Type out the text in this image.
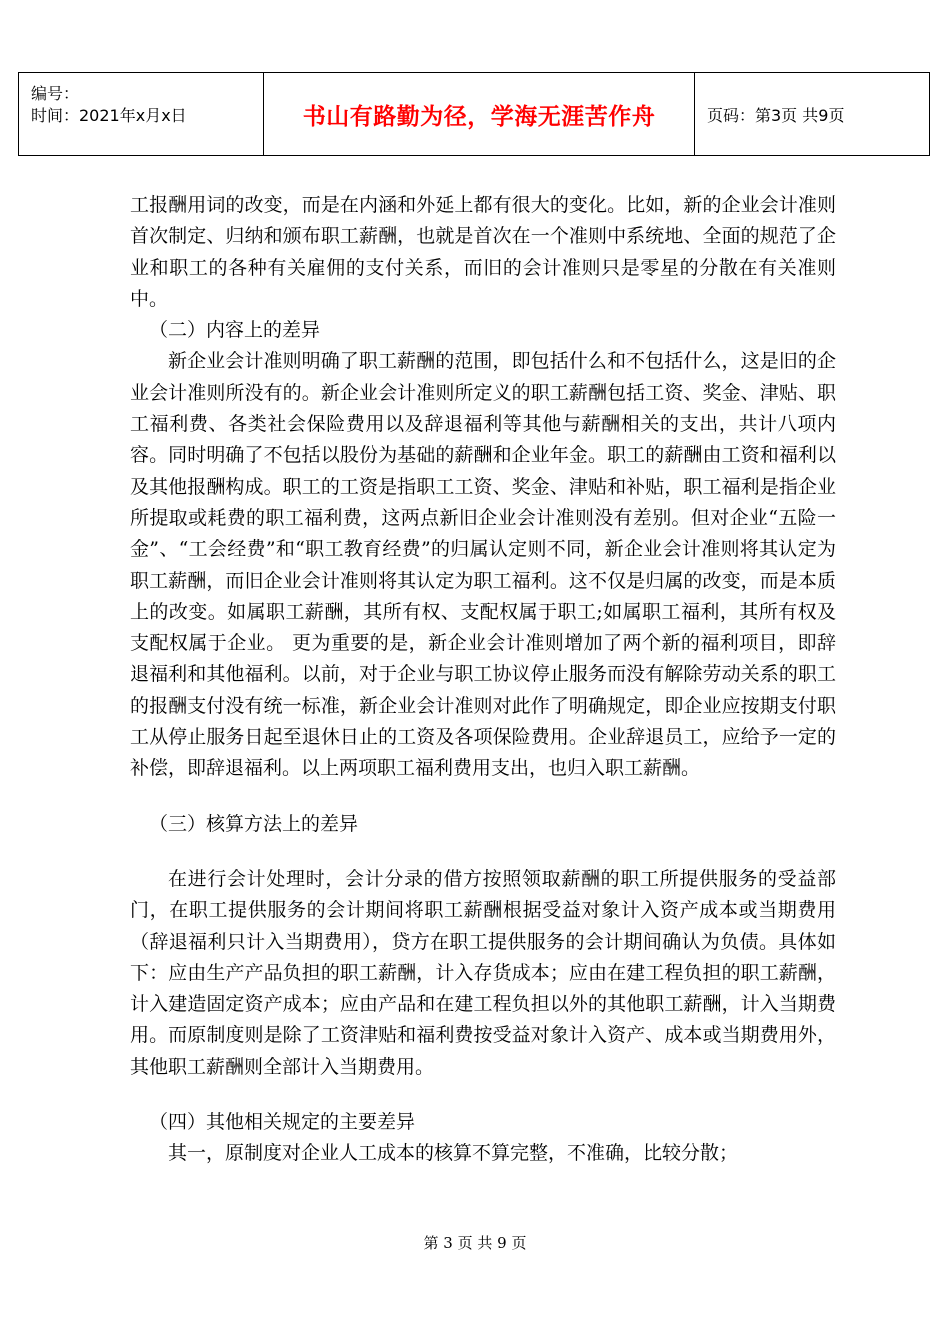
编号：
时间：2021年x月x日	书山有路勤为径，学海无涯苦作舟	页码：第3页 共9页

工报酬用词的改变，而是在内涵和外延上都有很大的变化。比如，新的企业会计准则首次制定、归纳和颁布职工薪酬，也就是首次在一个准则中系统地、全面的规范了企业和职工的各种有关雇佣的支付关系，而旧的会计准则只是零星的分散在有关准则中。

（二）内容上的差异

新企业会计准则明确了职工薪酬的范围，即包括什么和不包括什么，这是旧的企业会计准则所没有的。新企业会计准则所定义的职工薪酬包括工资、奖金、津贴、职工福利费、各类社会保险费用以及辞退福利等其他与薪酬相关的支出，共计八项内容。同时明确了不包括以股份为基础的薪酬和企业年金。职工的薪酬由工资和福利以及其他报酬构成。职工的工资是指职工工资、奖金、津贴和补贴，职工福利是指企业所提取或耗费的职工福利费，这两点新旧企业会计准则没有差别。但对企业“五险一金”、“工会经费”和“职工教育经费”的归属认定则不同，新企业会计准则将其认定为职工薪酬，而旧企业会计准则将其认定为职工福利。这不仅是归属的改变，而是本质上的改变。如属职工薪酬，其所有权、支配权属于职工;如属职工福利，其所有权及支配权属于企业。 更为重要的是，新企业会计准则增加了两个新的福利项目，即辞退福利和其他福利。以前，对于企业与职工协议停止服务而没有解除劳动关系的职工的报酬支付没有统一标准，新企业会计准则对此作了明确规定，即企业应按期支付职工从停止服务日起至退休日止的工资及各项保险费用。企业辞退员工，应给予一定的补偿，即辞退福利。以上两项职工福利费用支出，也归入职工薪酬。

（三）核算方法上的差异

在进行会计处理时，会计分录的借方按照领取薪酬的职工所提供服务的受益部门，在职工提供服务的会计期间将职工薪酬根据受益对象计入资产成本或当期费用（辞退福利只计入当期费用），贷方在职工提供服务的会计期间确认为负债。具体如下：应由生产产品负担的职工薪酬，计入存货成本；应由在建工程负担的职工薪酬，计入建造固定资产成本；应由产品和在建工程负担以外的其他职工薪酬，计入当期费用。而原制度则是除了工资津贴和福利费按受益对象计入资产、成本或当期费用外，其他职工薪酬则全部计入当期费用。

（四）其他相关规定的主要差异

其一，原制度对企业人工成本的核算不算完整，不准确，比较分散；

第 3 页 共 9 页
